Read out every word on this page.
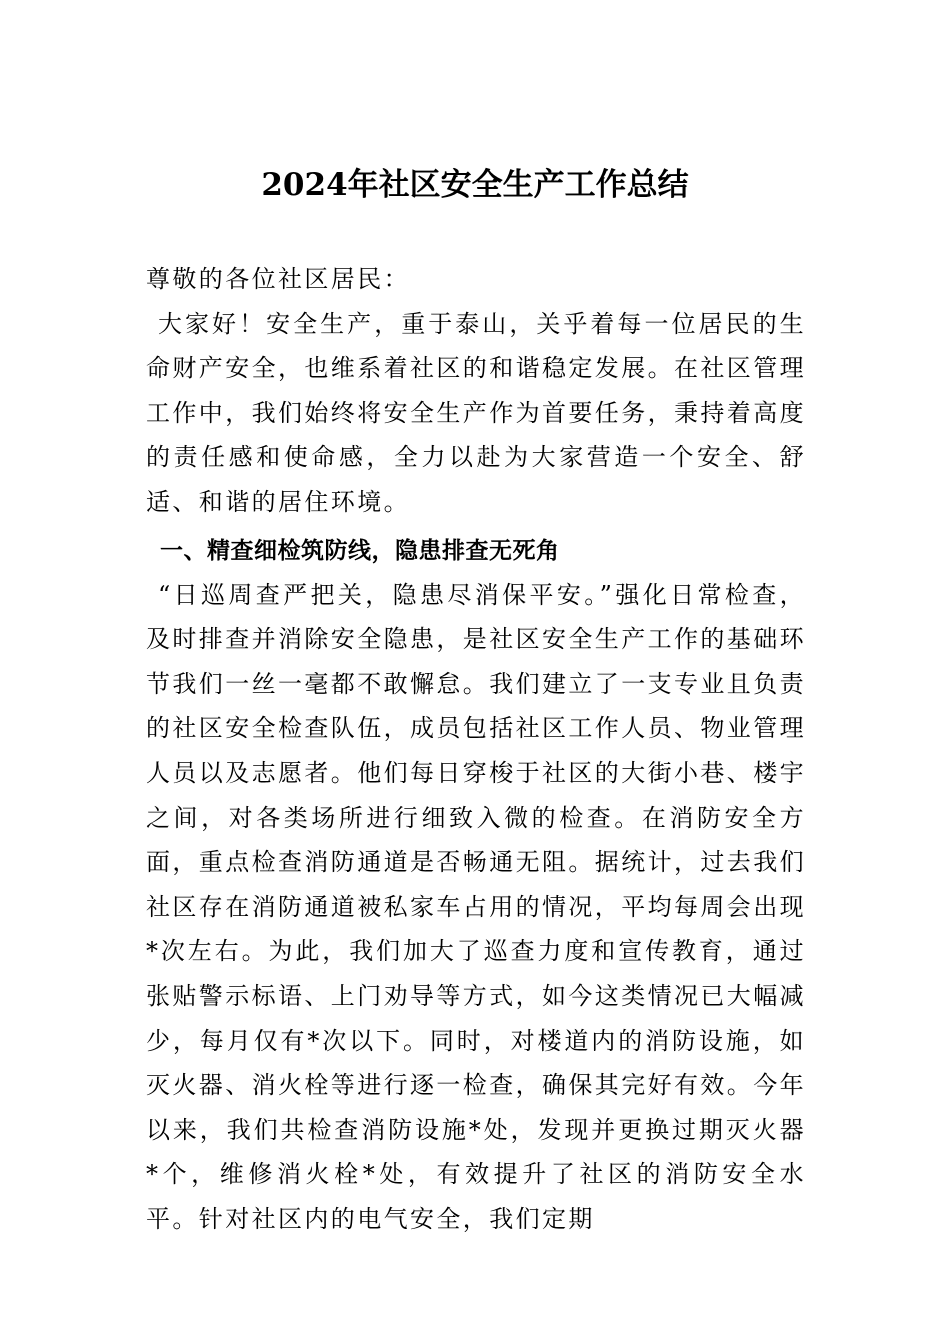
2024年社区安全生产工作总结

尊敬的各位社区居民：

大家好！安全生产，重于泰山，关乎着每一位居民的生命财产安全，也维系着社区的和谐稳定发展。在社区管理工作中，我们始终将安全生产作为首要任务，秉持着高度的责任感和使命感，全力以赴为大家营造一个安全、舒适、和谐的居住环境。

一、精查细检筑防线，隐患排查无死角

“日巡周查严把关，隐患尽消保平安。”强化日常检查，及时排查并消除安全隐患，是社区安全生产工作的基础环节我们一丝一毫都不敢懈怠。我们建立了一支专业且负责的社区安全检查队伍，成员包括社区工作人员、物业管理人员以及志愿者。他们每日穿梭于社区的大街小巷、楼宇之间，对各类场所进行细致入微的检查。在消防安全方面，重点检查消防通道是否畅通无阻。据统计，过去我们社区存在消防通道被私家车占用的情况，平均每周会出现*次左右。为此，我们加大了巡查力度和宣传教育，通过张贴警示标语、上门劝导等方式，如今这类情况已大幅减少，每月仅有*次以下。同时，对楼道内的消防设施，如灭火器、消火栓等进行逐一检查，确保其完好有效。今年以来，我们共检查消防设施*处，发现并更换过期灭火器*个，维修消火栓*处，有效提升了社区的消防安全水平。针对社区内的电气安全，我们定期
